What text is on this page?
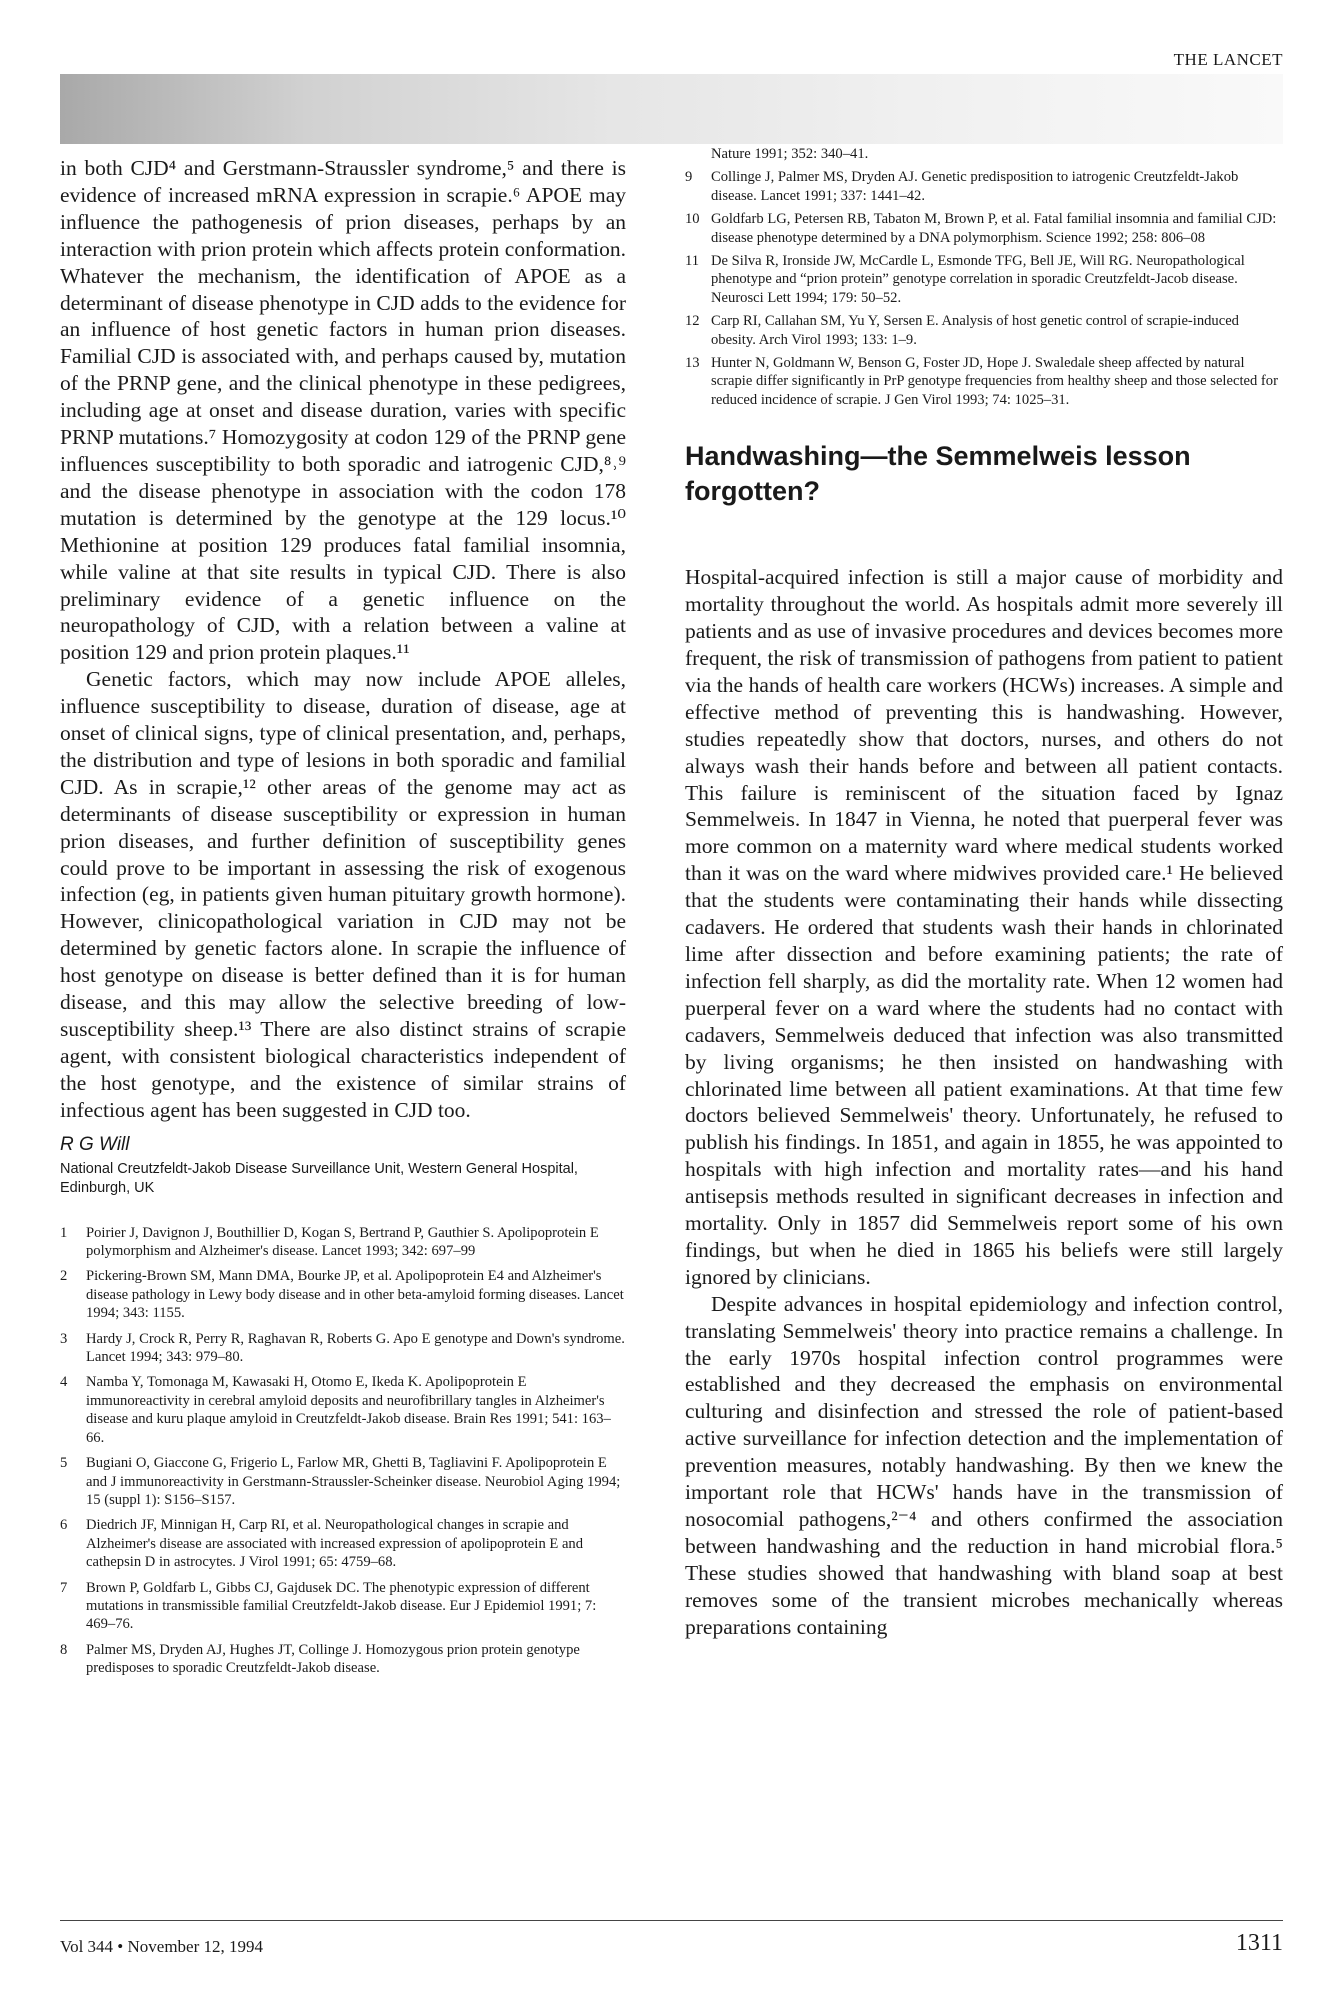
THE LANCET

in both CJD⁴ and Gerstmann-Straussler syndrome,⁵ and there is evidence of increased mRNA expression in scrapie.⁶ APOE may influence the pathogenesis of prion diseases, perhaps by an interaction with prion protein which affects protein conformation. Whatever the mechanism, the identification of APOE as a determinant of disease phenotype in CJD adds to the evidence for an influence of host genetic factors in human prion diseases. Familial CJD is associated with, and perhaps caused by, mutation of the PRNP gene, and the clinical phenotype in these pedigrees, including age at onset and disease duration, varies with specific PRNP mutations.⁷ Homozygosity at codon 129 of the PRNP gene influences susceptibility to both sporadic and iatrogenic CJD,⁸˒⁹ and the disease phenotype in association with the codon 178 mutation is determined by the genotype at the 129 locus.¹⁰ Methionine at position 129 produces fatal familial insomnia, while valine at that site results in typical CJD. There is also preliminary evidence of a genetic influence on the neuropathology of CJD, with a relation between a valine at position 129 and prion protein plaques.¹¹

Genetic factors, which may now include APOE alleles, influence susceptibility to disease, duration of disease, age at onset of clinical signs, type of clinical presentation, and, perhaps, the distribution and type of lesions in both sporadic and familial CJD. As in scrapie,¹² other areas of the genome may act as determinants of disease susceptibility or expression in human prion diseases, and further definition of susceptibility genes could prove to be important in assessing the risk of exogenous infection (eg, in patients given human pituitary growth hormone). However, clinicopathological variation in CJD may not be determined by genetic factors alone. In scrapie the influence of host genotype on disease is better defined than it is for human disease, and this may allow the selective breeding of low-susceptibility sheep.¹³ There are also distinct strains of scrapie agent, with consistent biological characteristics independent of the host genotype, and the existence of similar strains of infectious agent has been suggested in CJD too.

R G Will
National Creutzfeldt-Jakob Disease Surveillance Unit, Western General Hospital, Edinburgh, UK
1 Poirier J, Davignon J, Bouthillier D, Kogan S, Bertrand P, Gauthier S. Apolipoprotein E polymorphism and Alzheimer's disease. Lancet 1993; 342: 697–99
2 Pickering-Brown SM, Mann DMA, Bourke JP, et al. Apolipoprotein E4 and Alzheimer's disease pathology in Lewy body disease and in other beta-amyloid forming diseases. Lancet 1994; 343: 1155.
3 Hardy J, Crock R, Perry R, Raghavan R, Roberts G. Apo E genotype and Down's syndrome. Lancet 1994; 343: 979–80.
4 Namba Y, Tomonaga M, Kawasaki H, Otomo E, Ikeda K. Apolipoprotein E immunoreactivity in cerebral amyloid deposits and neurofibrillary tangles in Alzheimer's disease and kuru plaque amyloid in Creutzfeldt-Jakob disease. Brain Res 1991; 541: 163–66.
5 Bugiani O, Giaccone G, Frigerio L, Farlow MR, Ghetti B, Tagliavini F. Apolipoprotein E and J immunoreactivity in Gerstmann-Straussler-Scheinker disease. Neurobiol Aging 1994; 15 (suppl 1): S156–S157.
6 Diedrich JF, Minnigan H, Carp RI, et al. Neuropathological changes in scrapie and Alzheimer's disease are associated with increased expression of apolipoprotein E and cathepsin D in astrocytes. J Virol 1991; 65: 4759–68.
7 Brown P, Goldfarb L, Gibbs CJ, Gajdusek DC. The phenotypic expression of different mutations in transmissible familial Creutzfeldt-Jakob disease. Eur J Epidemiol 1991; 7: 469–76.
8 Palmer MS, Dryden AJ, Hughes JT, Collinge J. Homozygous prion protein genotype predisposes to sporadic Creutzfeldt-Jakob disease.
Nature 1991; 352: 340–41.
9 Collinge J, Palmer MS, Dryden AJ. Genetic predisposition to iatrogenic Creutzfeldt-Jakob disease. Lancet 1991; 337: 1441–42.
10 Goldfarb LG, Petersen RB, Tabaton M, Brown P, et al. Fatal familial insomnia and familial CJD: disease phenotype determined by a DNA polymorphism. Science 1992; 258: 806–08
11 De Silva R, Ironside JW, McCardle L, Esmonde TFG, Bell JE, Will RG. Neuropathological phenotype and “prion protein” genotype correlation in sporadic Creutzfeldt-Jacob disease. Neurosci Lett 1994; 179: 50–52.
12 Carp RI, Callahan SM, Yu Y, Sersen E. Analysis of host genetic control of scrapie-induced obesity. Arch Virol 1993; 133: 1–9.
13 Hunter N, Goldmann W, Benson G, Foster JD, Hope J. Swaledale sheep affected by natural scrapie differ significantly in PrP genotype frequencies from healthy sheep and those selected for reduced incidence of scrapie. J Gen Virol 1993; 74: 1025–31.
Handwashing—the Semmelweis lesson forgotten?

Hospital-acquired infection is still a major cause of morbidity and mortality throughout the world. As hospitals admit more severely ill patients and as use of invasive procedures and devices becomes more frequent, the risk of transmission of pathogens from patient to patient via the hands of health care workers (HCWs) increases. A simple and effective method of preventing this is handwashing. However, studies repeatedly show that doctors, nurses, and others do not always wash their hands before and between all patient contacts. This failure is reminiscent of the situation faced by Ignaz Semmelweis. In 1847 in Vienna, he noted that puerperal fever was more common on a maternity ward where medical students worked than it was on the ward where midwives provided care.¹ He believed that the students were contaminating their hands while dissecting cadavers. He ordered that students wash their hands in chlorinated lime after dissection and before examining patients; the rate of infection fell sharply, as did the mortality rate. When 12 women had puerperal fever on a ward where the students had no contact with cadavers, Semmelweis deduced that infection was also transmitted by living organisms; he then insisted on handwashing with chlorinated lime between all patient examinations. At that time few doctors believed Semmelweis' theory. Unfortunately, he refused to publish his findings. In 1851, and again in 1855, he was appointed to hospitals with high infection and mortality rates—and his hand antisepsis methods resulted in significant decreases in infection and mortality. Only in 1857 did Semmelweis report some of his own findings, but when he died in 1865 his beliefs were still largely ignored by clinicians.

Despite advances in hospital epidemiology and infection control, translating Semmelweis' theory into practice remains a challenge. In the early 1970s hospital infection control programmes were established and they decreased the emphasis on environmental culturing and disinfection and stressed the role of patient-based active surveillance for infection detection and the implementation of prevention measures, notably handwashing. By then we knew the important role that HCWs' hands have in the transmission of nosocomial pathogens,²⁻⁴ and others confirmed the association between handwashing and the reduction in hand microbial flora.⁵ These studies showed that handwashing with bland soap at best removes some of the transient microbes mechanically whereas preparations containing

Vol 344 • November 12, 1994	1311
